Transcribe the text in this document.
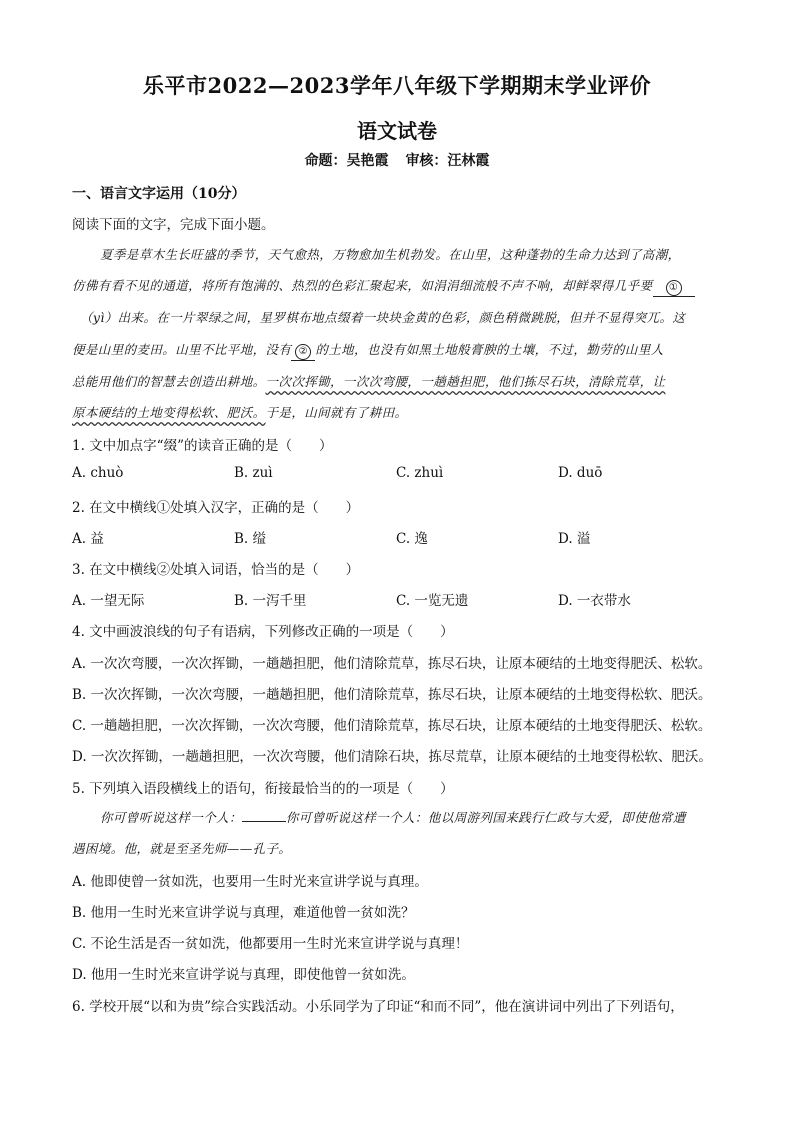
乐平市2022—2023学年八年级下学期期末学业评价
语文试卷
命题：吴艳霞 审核：汪林霞
一、语言文字运用（10分）
阅读下面的文字，完成下面小题。
夏季是草木生长旺盛的季节，天气愈热，万物愈加生机勃发。在山里，这种蓬勃的生命力达到了高潮，
仿佛有看不见的通道，将所有饱满的、热烈的色彩汇聚起来，如涓涓细流般不声不响，却鲜翠得几乎要 ①
（yì）出来。在一片翠绿之间，星罗棋布地点缀着一块块金黄的色彩，颜色稍微跳脱，但并不显得突兀。这
便是山里的麦田。山里不比平地，没有 ② 的土地，也没有如黑土地般膏腴的土壤，不过，勤劳的山里人
总能用他们的智慧去创造出耕地。一次次挥锄，一次次弯腰，一趟趟担肥，他们拣尽石块，清除荒草，让
原本硬结的土地变得松软、肥沃。于是，山间就有了耕田。
1. 文中加点字“缀”的读音正确的是（　　）
A. chuò	B. zuì	C. zhuì	D. duō
2. 在文中横线①处填入汉字，正确的是（　　）
A. 益	B. 缢	C. 逸	D. 溢
3. 在文中横线②处填入词语，恰当的是（　　）
A. 一望无际	B. 一泻千里	C. 一览无遗	D. 一衣带水
4. 文中画波浪线的句子有语病，下列修改正确的一项是（　　）
A. 一次次弯腰，一次次挥锄，一趟趟担肥，他们清除荒草，拣尽石块，让原本硬结的土地变得肥沃、松软。
B. 一次次挥锄，一次次弯腰，一趟趟担肥，他们清除荒草，拣尽石块，让原本硬结的土地变得松软、肥沃。
C. 一趟趟担肥，一次次挥锄，一次次弯腰，他们清除荒草，拣尽石块，让原本硬结的土地变得肥沃、松软。
D. 一次次挥锄，一趟趟担肥，一次次弯腰，他们清除石块，拣尽荒草，让原本硬结的土地变得松软、肥沃。
5. 下列填入语段横线上的语句，衔接最恰当的的一项是（　　）
你可曾听说这样一个人：	你可曾听说这样一个人：他以周游列国来践行仁政与大爱，即使他常遭
遇困境。他，就是至圣先师——孔子。
A. 他即使曾一贫如洗，也要用一生时光来宣讲学说与真理。
B. 他用一生时光来宣讲学说与真理，难道他曾一贫如洗？
C. 不论生活是否一贫如洗，他都要用一生时光来宣讲学说与真理！
D. 他用一生时光来宣讲学说与真理，即使他曾一贫如洗。
6. 学校开展“以和为贵”综合实践活动。小乐同学为了印证“和而不同”，他在演讲词中列出了下列语句，
